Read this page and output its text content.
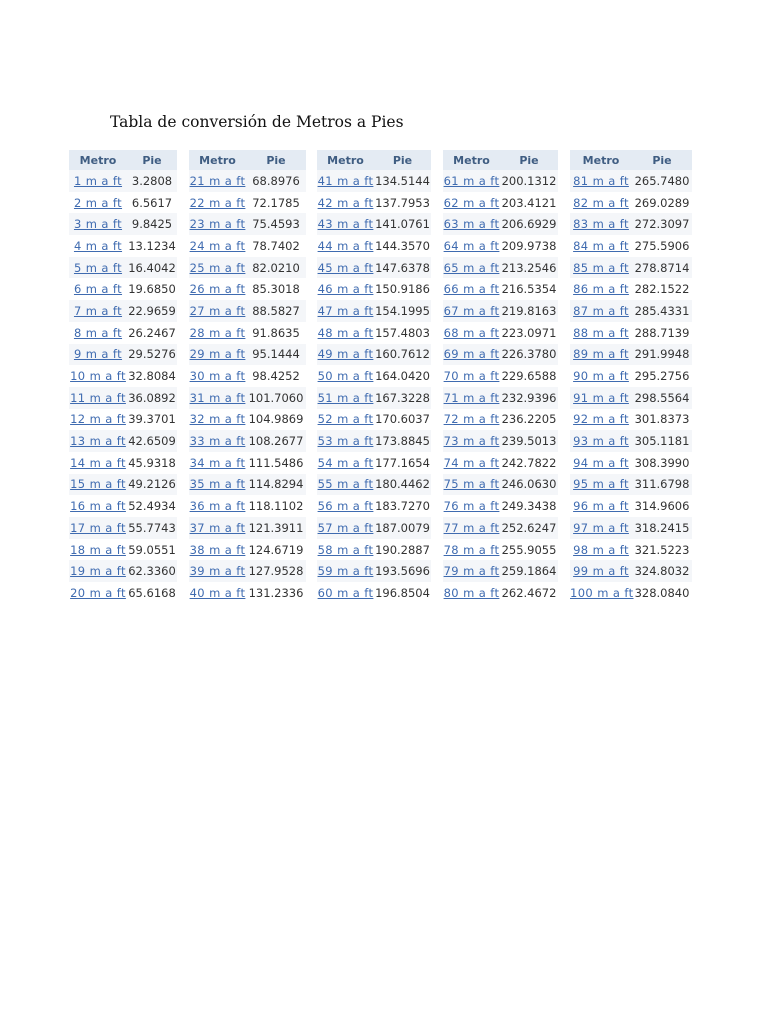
Tabla de conversión de Metros a Pies
Metro	Pie
1 m a ft	3.2808
2 m a ft	6.5617
3 m a ft	9.8425
4 m a ft	13.1234
5 m a ft	16.4042
6 m a ft	19.6850
7 m a ft	22.9659
8 m a ft	26.2467
9 m a ft	29.5276
10 m a ft	32.8084
11 m a ft	36.0892
12 m a ft	39.3701
13 m a ft	42.6509
14 m a ft	45.9318
15 m a ft	49.2126
16 m a ft	52.4934
17 m a ft	55.7743
18 m a ft	59.0551
19 m a ft	62.3360
20 m a ft	65.6168
Metro	Pie
21 m a ft	68.8976
22 m a ft	72.1785
23 m a ft	75.4593
24 m a ft	78.7402
25 m a ft	82.0210
26 m a ft	85.3018
27 m a ft	88.5827
28 m a ft	91.8635
29 m a ft	95.1444
30 m a ft	98.4252
31 m a ft	101.7060
32 m a ft	104.9869
33 m a ft	108.2677
34 m a ft	111.5486
35 m a ft	114.8294
36 m a ft	118.1102
37 m a ft	121.3911
38 m a ft	124.6719
39 m a ft	127.9528
40 m a ft	131.2336
Metro	Pie
41 m a ft	134.5144
42 m a ft	137.7953
43 m a ft	141.0761
44 m a ft	144.3570
45 m a ft	147.6378
46 m a ft	150.9186
47 m a ft	154.1995
48 m a ft	157.4803
49 m a ft	160.7612
50 m a ft	164.0420
51 m a ft	167.3228
52 m a ft	170.6037
53 m a ft	173.8845
54 m a ft	177.1654
55 m a ft	180.4462
56 m a ft	183.7270
57 m a ft	187.0079
58 m a ft	190.2887
59 m a ft	193.5696
60 m a ft	196.8504
Metro	Pie
61 m a ft	200.1312
62 m a ft	203.4121
63 m a ft	206.6929
64 m a ft	209.9738
65 m a ft	213.2546
66 m a ft	216.5354
67 m a ft	219.8163
68 m a ft	223.0971
69 m a ft	226.3780
70 m a ft	229.6588
71 m a ft	232.9396
72 m a ft	236.2205
73 m a ft	239.5013
74 m a ft	242.7822
75 m a ft	246.0630
76 m a ft	249.3438
77 m a ft	252.6247
78 m a ft	255.9055
79 m a ft	259.1864
80 m a ft	262.4672
Metro	Pie
81 m a ft	265.7480
82 m a ft	269.0289
83 m a ft	272.3097
84 m a ft	275.5906
85 m a ft	278.8714
86 m a ft	282.1522
87 m a ft	285.4331
88 m a ft	288.7139
89 m a ft	291.9948
90 m a ft	295.2756
91 m a ft	298.5564
92 m a ft	301.8373
93 m a ft	305.1181
94 m a ft	308.3990
95 m a ft	311.6798
96 m a ft	314.9606
97 m a ft	318.2415
98 m a ft	321.5223
99 m a ft	324.8032
100 m a ft	328.0840
